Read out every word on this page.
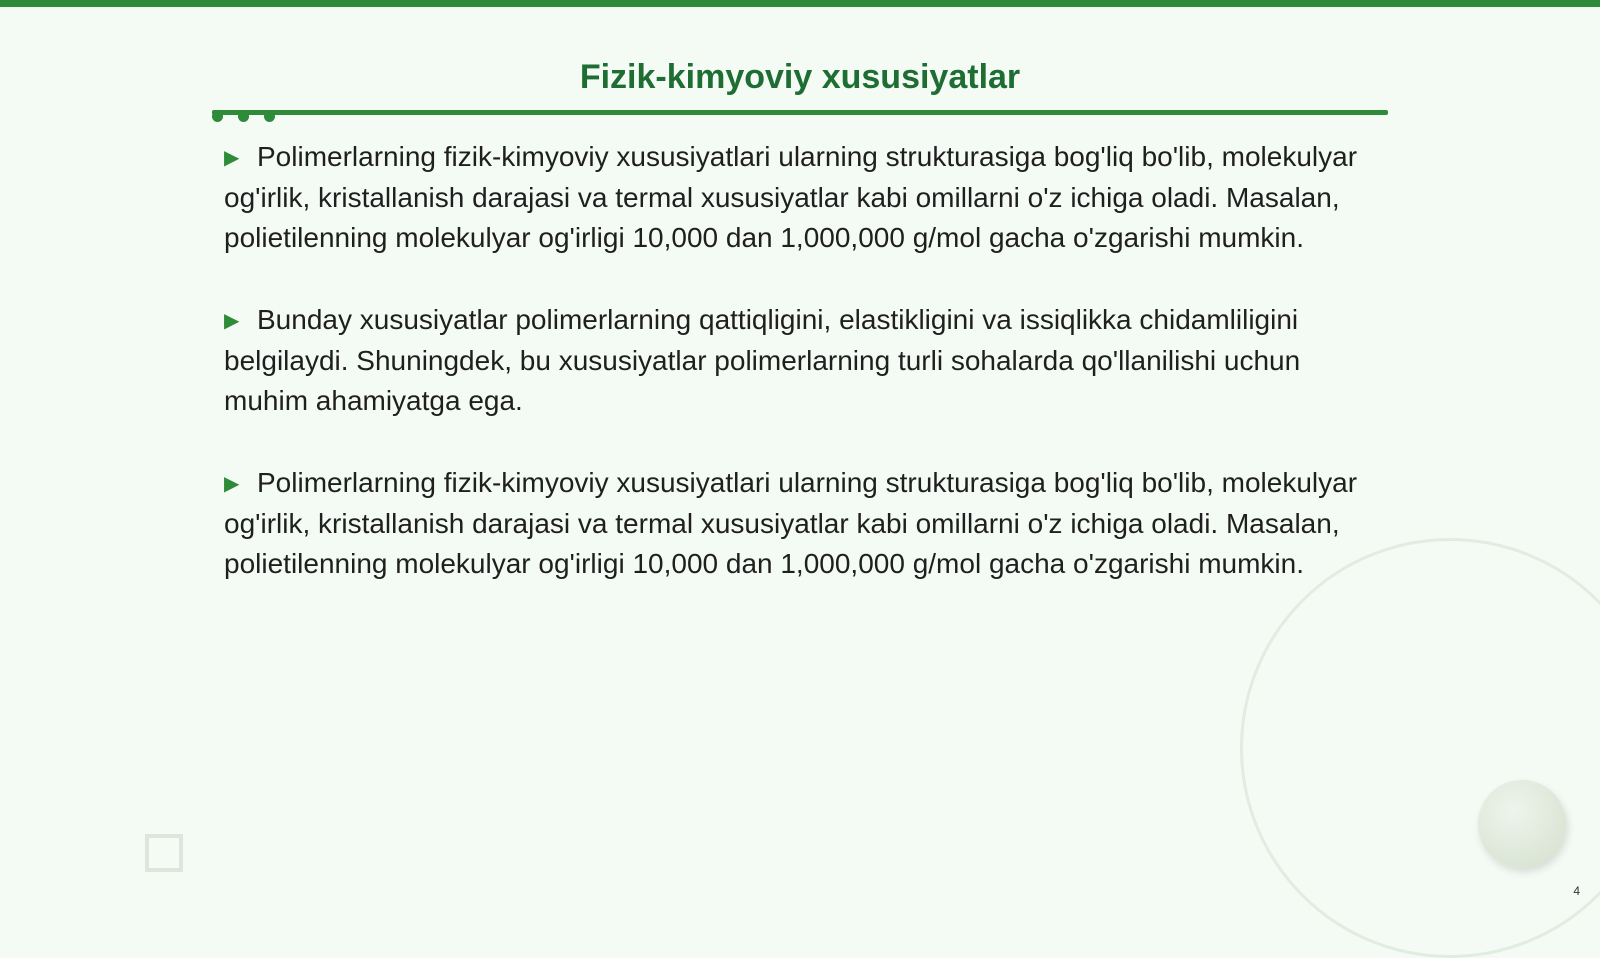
Fizik-kimyoviy xususiyatlar
▶ Polimerlarning fizik-kimyoviy xususiyatlari ularning strukturasiga bog'liq bo'lib, molekulyar og'irlik, kristallanish darajasi va termal xususiyatlar kabi omillarni o'z ichiga oladi. Masalan, polietilenning molekulyar og'irligi 10,000 dan 1,000,000 g/mol gacha o'zgarishi mumkin.
▶ Bunday xususiyatlar polimerlarning qattiqligini, elastikligini va issiqlikka chidamliligini belgilaydi. Shuningdek, bu xususiyatlar polimerlarning turli sohalarda qo'llanilishi uchun muhim ahamiyatga ega.
▶ Polimerlarning fizik-kimyoviy xususiyatlari ularning strukturasiga bog'liq bo'lib, molekulyar og'irlik, kristallanish darajasi va termal xususiyatlar kabi omillarni o'z ichiga oladi. Masalan, polietilenning molekulyar og'irligi 10,000 dan 1,000,000 g/mol gacha o'zgarishi mumkin.
4
